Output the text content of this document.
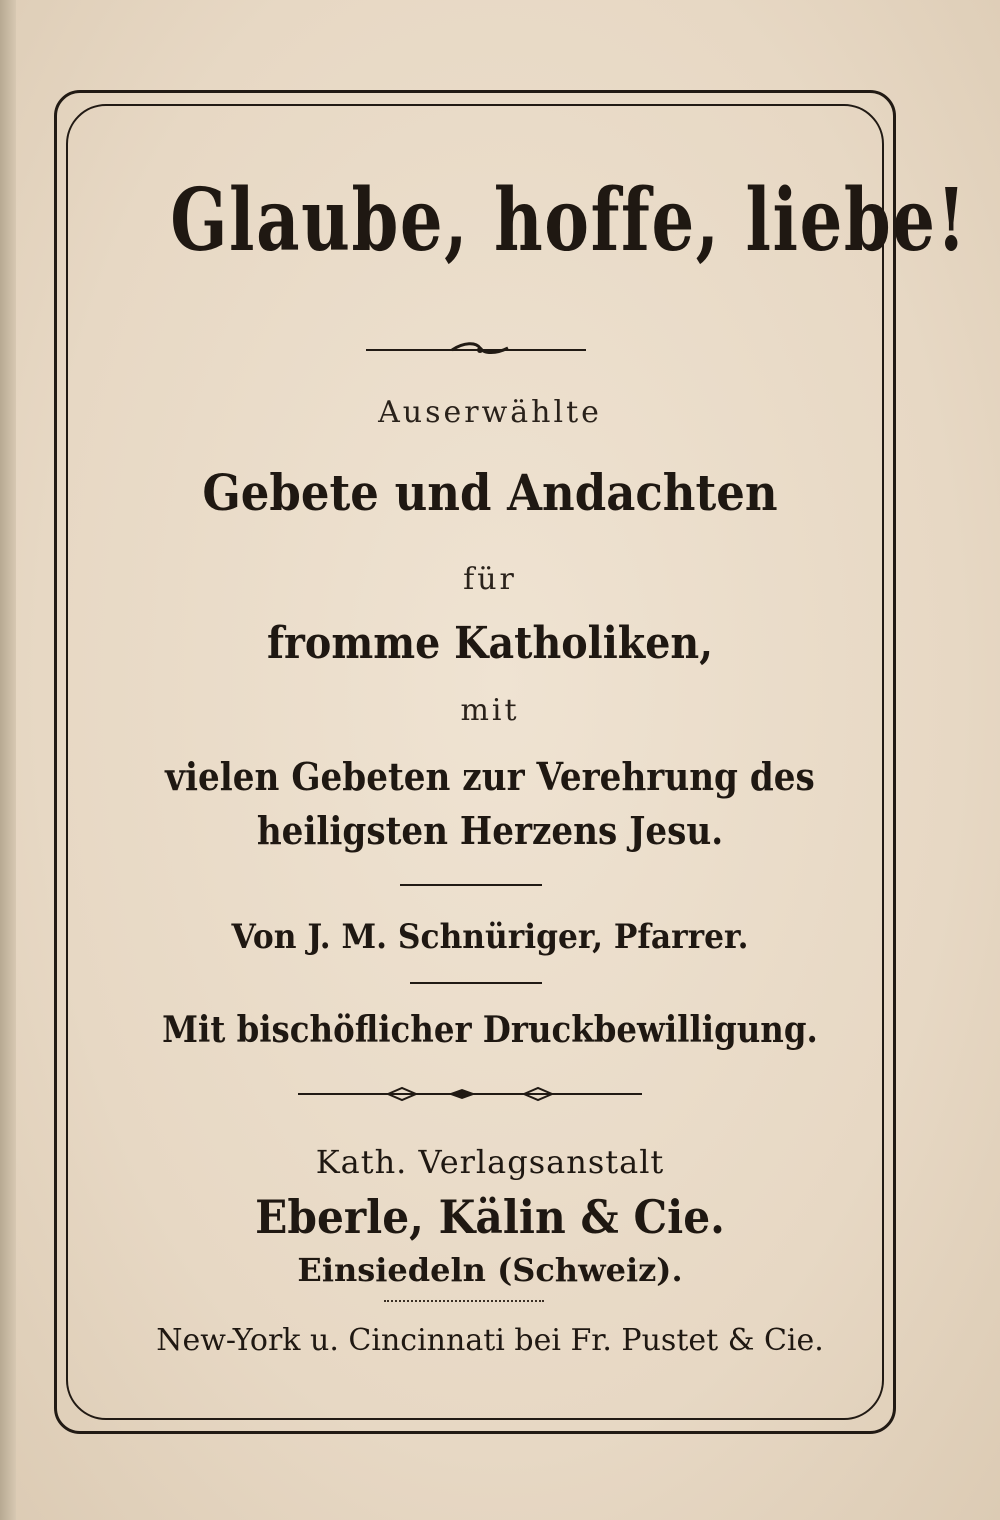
Glaube, hoffe, liebe!
Auserwählte
Gebete und Andachten
für
fromme Katholiken,
mit
vielen Gebeten zur Verehrung des
heiligsten Herzens Jesu.
Von J. M. Schnüriger, Pfarrer.
Mit bischöflicher Druckbewilligung.
Kath. Verlagsanstalt
Eberle, Kälin & Cie.
Einsiedeln (Schweiz).
New-York u. Cincinnati bei Fr. Pustet & Cie.
